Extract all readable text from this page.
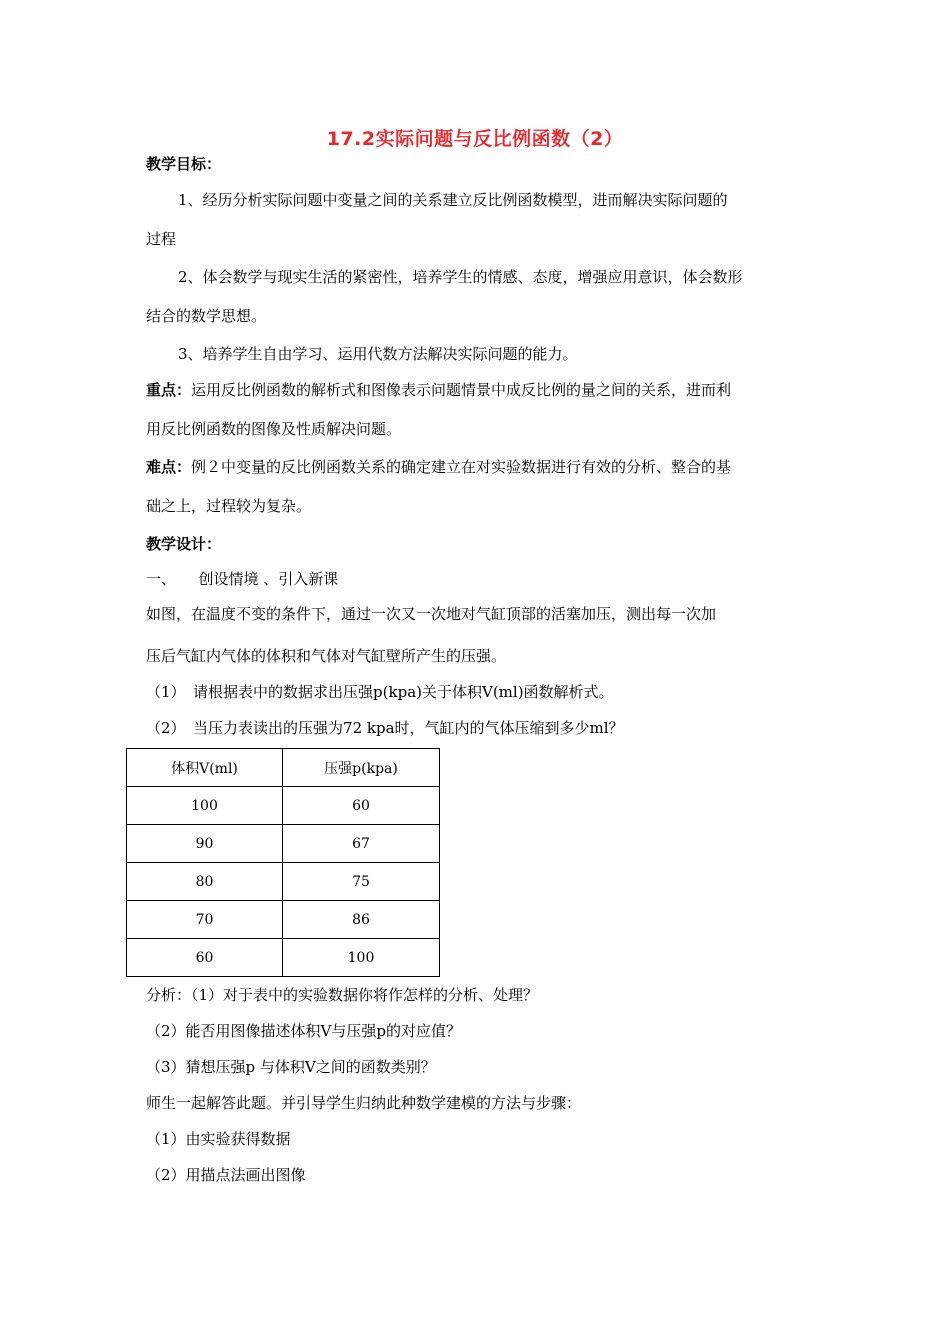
17.2实际问题与反比例函数（2）
教学目标：
1、经历分析实际问题中变量之间的关系建立反比例函数模型，进而解决实际问题的
过程
2、体会数学与现实生活的紧密性，培养学生的情感、态度，增强应用意识，体会数形
结合的数学思想。
3、培养学生自由学习、运用代数方法解决实际问题的能力。
重点：运用反比例函数的解析式和图像表示问题情景中成反比例的量之间的关系，进而利
用反比例函数的图像及性质解决问题。
难点：例２中变量的反比例函数关系的确定建立在对实验数据进行有效的分析、整合的基
础之上，过程较为复杂。
教学设计：
一、　　创设情境 、引入新课
如图，在温度不变的条件下，通过一次又一次地对气缸顶部的活塞加压，测出每一次加
压后气缸内气体的体积和气体对气缸壁所产生的压强。
（1）　请根据表中的数据求出压强p(kpa)关于体积V(ml)函数解析式。
（2）　当压力表读出的压强为72 kpa时，气缸内的气体压缩到多少ml？
体积V(ml)	压强p(kpa)
100	60
90	67
80	75
70	86
60	100
分析：（1）对于表中的实验数据你将作怎样的分析、处理？
（2）能否用图像描述体积V与压强p的对应值？
（3）猜想压强p 与体积V之间的函数类别？
师生一起解答此题。并引导学生归纳此种数学建模的方法与步骤：
（1）由实验获得数据
（2）用描点法画出图像
